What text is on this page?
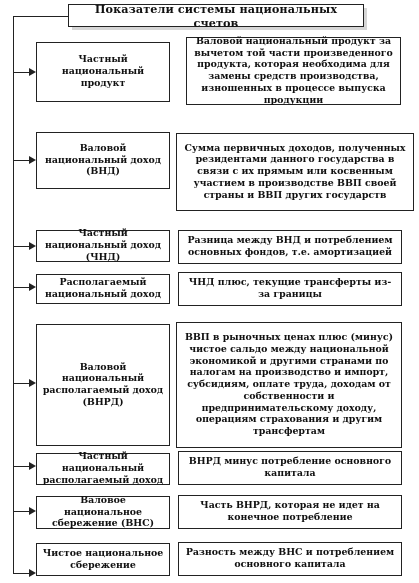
Показатели системы национальных счетов
Частный национальный продукт
Валовой национальный продукт за вычетом той части произведенного продукта, которая необходима для замены средств производства, изношенных в процессе выпуска продукции
Валовой национальный доход (ВНД)
Сумма первичных доходов, полученных резидентами данного государства в связи с их прямым или косвенным участием в производстве ВВП своей страны и ВВП других государств
Частный национальный доход (ЧНД)
Разница между ВНД и потреблением основных фондов, т.е. амортизацией
Располагаемый национальный доход
ЧНД плюс, текущие трансферты из-за границы
Валовой национальный располагаемый доход (ВНРД)
ВВП в рыночных ценах плюс (минус) чистое сальдо между национальной экономикой и другими странами по налогам на производство и импорт, субсидиям, оплате труда, доходам от собственности и предпринимательскому доходу, операциям страхования и другим трансфертам
Частный национальный располагаемый доход
ВНРД минус потребление основного капитала
Валовое национальное сбережение (ВНС)
Часть ВНРД, которая не идет на конечное потребление
Чистое национальное сбережение
Разность между ВНС и потреблением основного капитала
